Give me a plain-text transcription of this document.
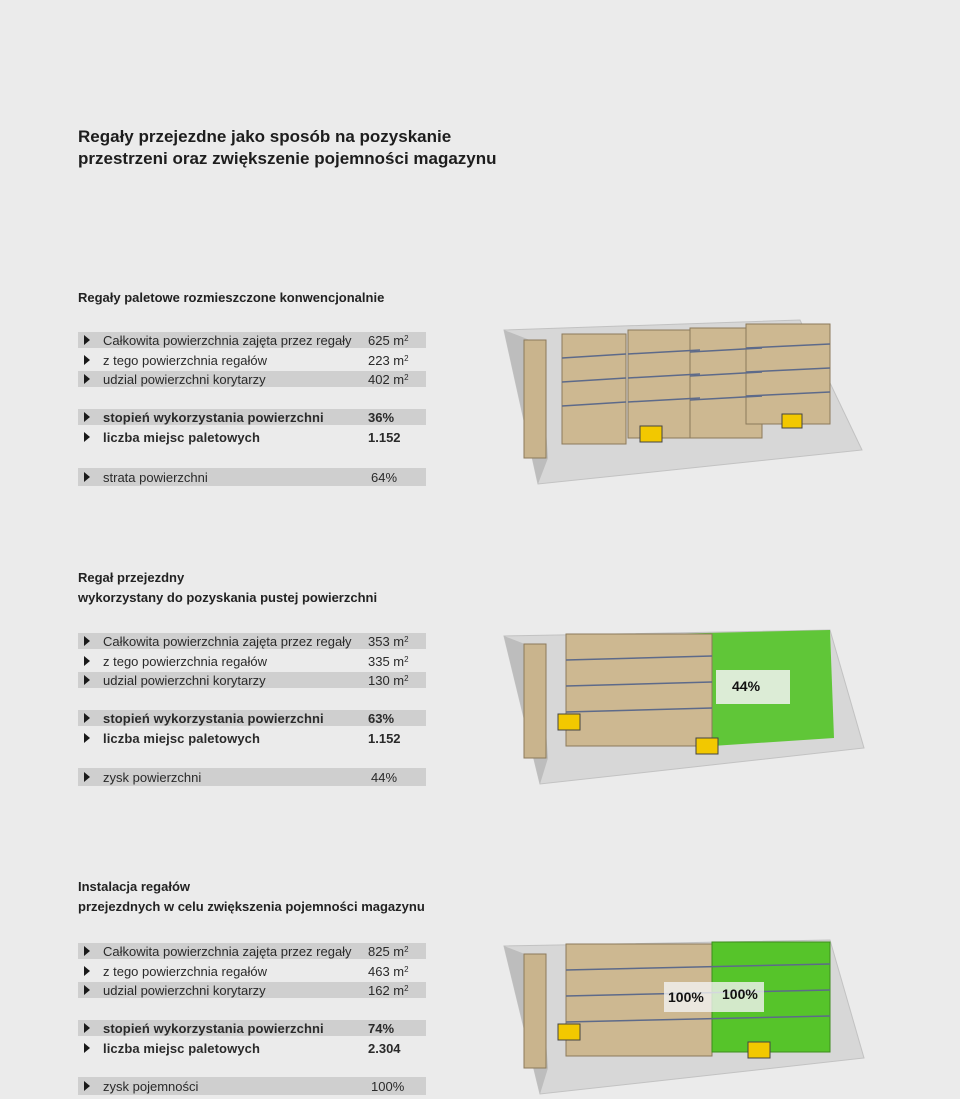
Regały przejezdne jako sposób na pozyskanie
przestrzeni oraz zwiększenie pojemności magazynu
Regały paletowe rozmieszczone konwencjonalnie
Całkowita powierzchnia zajęta przez regały	625 $m^2$
z tego powierzchnia regałów	223 $m^2$
udzial powierzchni korytarzy	402 $m^2$
stopień wykorzystania powierzchni	36%
liczba miejsc paletowych	1.152
strata powierzchni	64%
Regał przejezdny
wykorzystany do pozyskania pustej powierzchni
Całkowita powierzchnia zajęta przez regały	353 $m^2$
z tego powierzchnia regałów	335 $m^2$
udzial powierzchni korytarzy	130 $m^2$
stopień wykorzystania powierzchni	63%
liczba miejsc paletowych	1.152
zysk powierzchni	44%
Instalacja regałów
przejezdnych w celu zwiększenia pojemności magazynu
Całkowita powierzchnia zajęta przez regały	825 $m^2$
z tego powierzchnia regałów	463 $m^2$
udzial powierzchni korytarzy	162 $m^2$
stopień wykorzystania powierzchni	74%
liczba miejsc paletowych	2.304
zysk pojemności	100%
44%
100% 100%
